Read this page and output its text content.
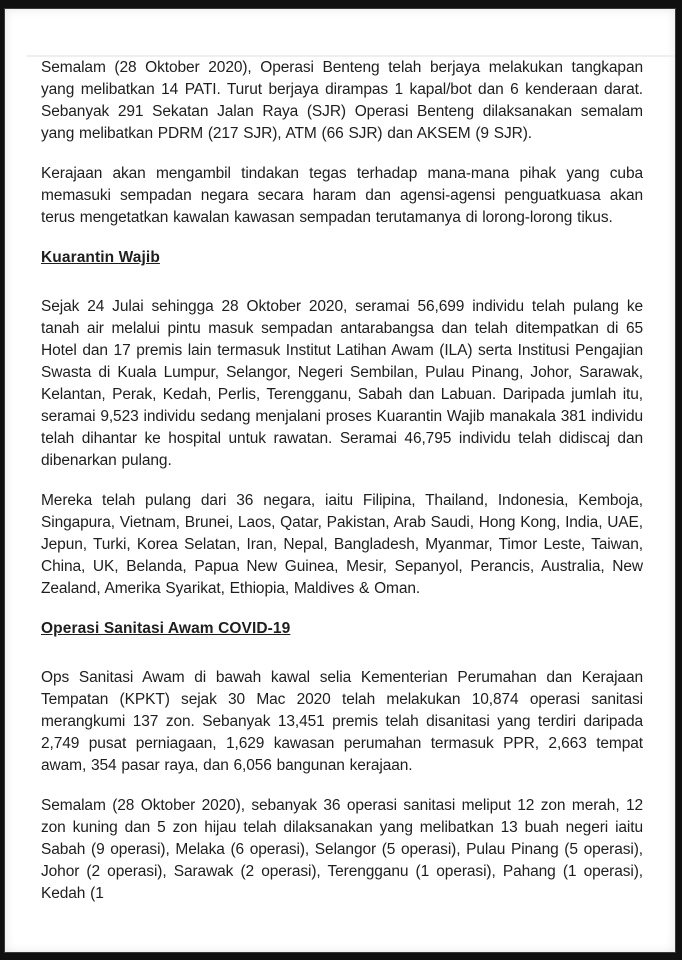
Semalam (28 Oktober 2020), Operasi Benteng telah berjaya melakukan tangkapan yang melibatkan 14 PATI. Turut berjaya dirampas 1 kapal/bot dan 6 kenderaan darat. Sebanyak 291 Sekatan Jalan Raya (SJR) Operasi Benteng dilaksanakan semalam yang melibatkan PDRM (217 SJR), ATM (66 SJR) dan AKSEM (9 SJR).

Kerajaan akan mengambil tindakan tegas terhadap mana-mana pihak yang cuba memasuki sempadan negara secara haram dan agensi-agensi penguatkuasa akan terus mengetatkan kawalan kawasan sempadan terutamanya di lorong-lorong tikus.

Kuarantin Wajib

Sejak 24 Julai sehingga 28 Oktober 2020, seramai 56,699 individu telah pulang ke tanah air melalui pintu masuk sempadan antarabangsa dan telah ditempatkan di 65 Hotel dan 17 premis lain termasuk Institut Latihan Awam (ILA) serta Institusi Pengajian Swasta di Kuala Lumpur, Selangor, Negeri Sembilan, Pulau Pinang, Johor, Sarawak, Kelantan, Perak, Kedah, Perlis, Terengganu, Sabah dan Labuan. Daripada jumlah itu, seramai 9,523 individu sedang menjalani proses Kuarantin Wajib manakala 381 individu telah dihantar ke hospital untuk rawatan. Seramai 46,795 individu telah didiscaj dan dibenarkan pulang.

Mereka telah pulang dari 36 negara, iaitu Filipina, Thailand, Indonesia, Kemboja, Singapura, Vietnam, Brunei, Laos, Qatar, Pakistan, Arab Saudi, Hong Kong, India, UAE, Jepun, Turki, Korea Selatan, Iran, Nepal, Bangladesh, Myanmar, Timor Leste, Taiwan, China, UK, Belanda, Papua New Guinea, Mesir, Sepanyol, Perancis, Australia, New Zealand, Amerika Syarikat, Ethiopia, Maldives & Oman.

Operasi Sanitasi Awam COVID-19

Ops Sanitasi Awam di bawah kawal selia Kementerian Perumahan dan Kerajaan Tempatan (KPKT) sejak 30 Mac 2020 telah melakukan 10,874 operasi sanitasi merangkumi 137 zon. Sebanyak 13,451 premis telah disanitasi yang terdiri daripada 2,749 pusat perniagaan, 1,629 kawasan perumahan termasuk PPR, 2,663 tempat awam, 354 pasar raya, dan 6,056 bangunan kerajaan.

Semalam (28 Oktober 2020), sebanyak 36 operasi sanitasi meliput 12 zon merah, 12 zon kuning dan 5 zon hijau telah dilaksanakan yang melibatkan 13 buah negeri iaitu Sabah (9 operasi), Melaka (6 operasi), Selangor (5 operasi), Pulau Pinang (5 operasi), Johor (2 operasi), Sarawak (2 operasi), Terengganu (1 operasi), Pahang (1 operasi), Kedah (1
